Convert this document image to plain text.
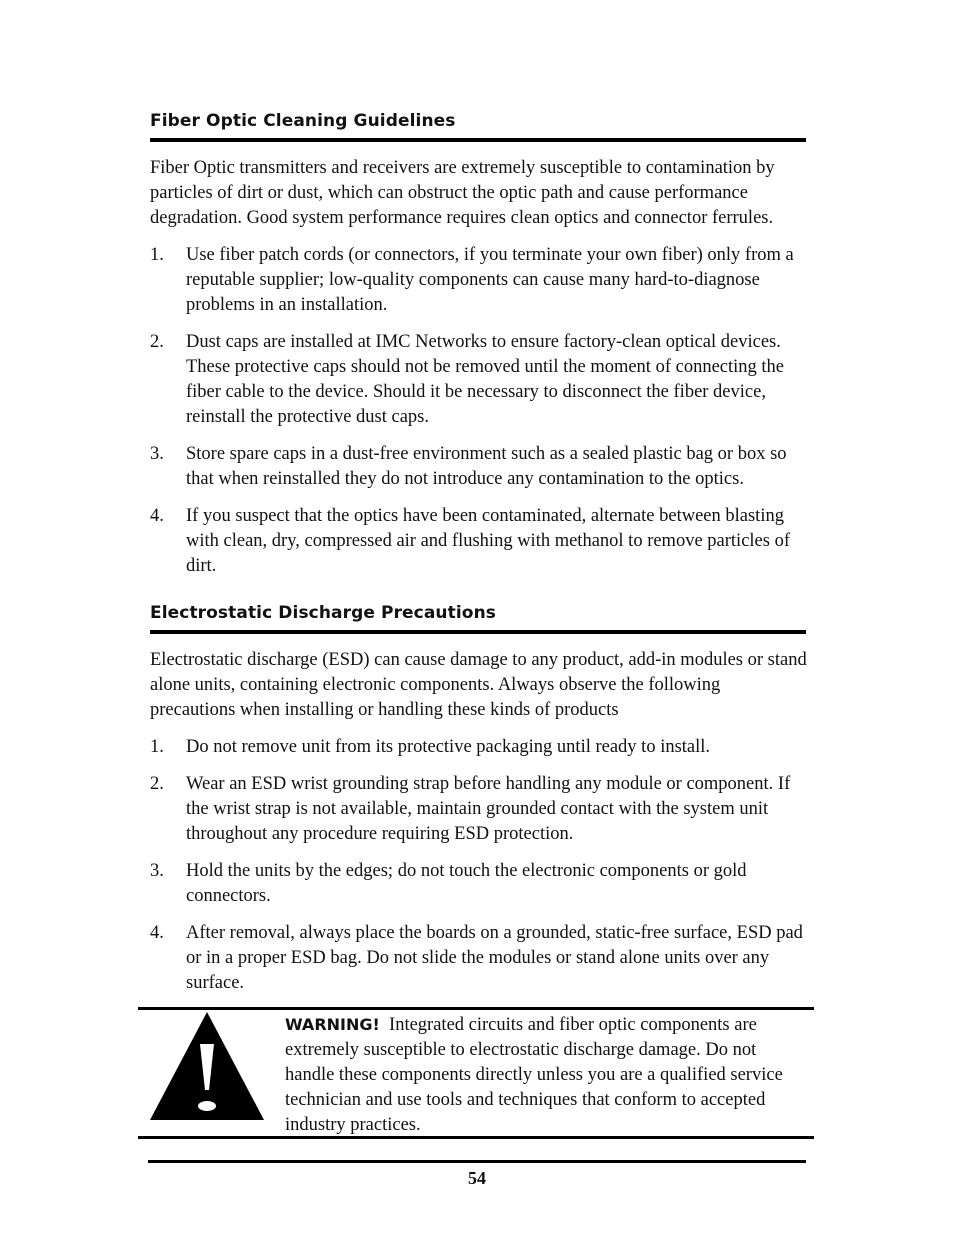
Fiber Optic Cleaning Guidelines

Fiber Optic transmitters and receivers are extremely susceptible to contamination by particles of dirt or dust, which can obstruct the optic path and cause performance degradation. Good system performance requires clean optics and connector ferrules.

1. Use fiber patch cords (or connectors, if you terminate your own fiber) only from a reputable supplier; low-quality components can cause many hard-to-diagnose problems in an installation.
2. Dust caps are installed at IMC Networks to ensure factory-clean optical devices. These protective caps should not be removed until the moment of connecting the fiber cable to the device. Should it be necessary to disconnect the fiber device, reinstall the protective dust caps.
3. Store spare caps in a dust-free environment such as a sealed plastic bag or box so that when reinstalled they do not introduce any contamination to the optics.
4. If you suspect that the optics have been contaminated, alternate between blasting with clean, dry, compressed air and flushing with methanol to remove particles of dirt.
Electrostatic Discharge Precautions

Electrostatic discharge (ESD) can cause damage to any product, add-in modules or stand alone units, containing electronic components. Always observe the following precautions when installing or handling these kinds of products

1. Do not remove unit from its protective packaging until ready to install.
2. Wear an ESD wrist grounding strap before handling any module or component. If the wrist strap is not available, maintain grounded contact with the system unit throughout any procedure requiring ESD protection.
3. Hold the units by the edges; do not touch the electronic components or gold connectors.
4. After removal, always place the boards on a grounded, static-free surface, ESD pad or in a proper ESD bag. Do not slide the modules or stand alone units over any surface.
WARNING! Integrated circuits and fiber optic components are extremely susceptible to electrostatic discharge damage. Do not handle these components directly unless you are a qualified service technician and use tools and techniques that conform to accepted industry practices.
54
